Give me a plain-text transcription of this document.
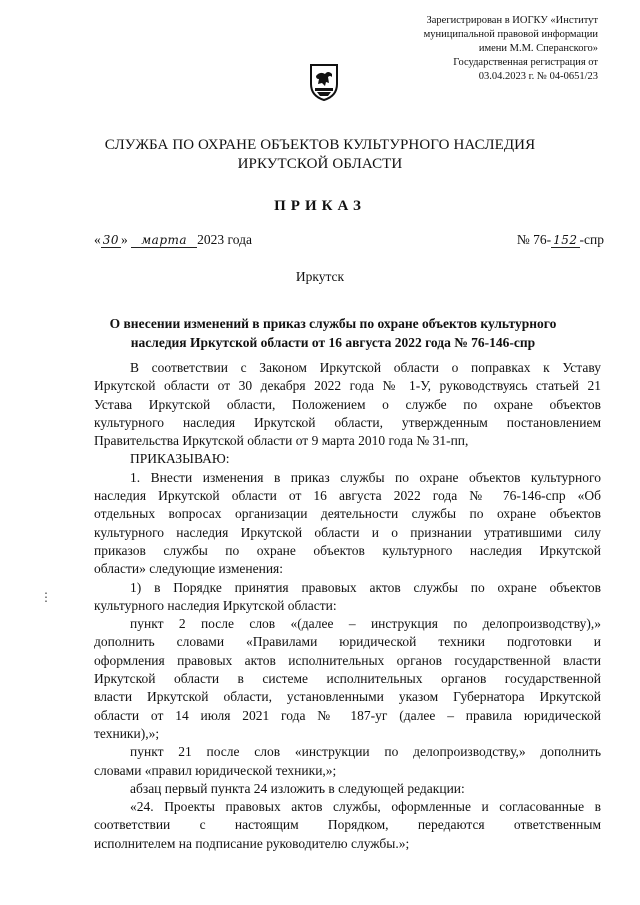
Зарегистрирован в ИОГКУ «Институт
муниципальной правовой информации
имени М.М. Сперанского»
Государственная регистрация от
03.04.2023 г. № 04-0651/23
СЛУЖБА ПО ОХРАНЕ ОБЪЕКТОВ КУЛЬТУРНОГО НАСЛЕДИЯ
ИРКУТСКОЙ ОБЛАСТИ
ПРИКАЗ
« 30 » марта 2023 года	№ 76- 152 -спр
Иркутск
О внесении изменений в приказ службы по охране объектов культурного
наследия Иркутской области от 16 августа 2022 года № 76-146-спр
В соответствии с Законом Иркутской области о поправках к Уставу
Иркутской области от 30 декабря 2022 года № 1-У, руководствуясь статьей 21
Устава Иркутской области, Положением о службе по охране объектов
культурного наследия Иркутской области, утвержденным постановлением
Правительства Иркутской области от 9 марта 2010 года № 31-пп,
ПРИКАЗЫВАЮ:
1. Внести изменения в приказ службы по охране объектов культурного
наследия Иркутской области от 16 августа 2022 года № 76-146-спр «Об
отдельных вопросах организации деятельности службы по охране объектов
культурного наследия Иркутской области и о признании утратившими силу
приказов службы по охране объектов культурного наследия Иркутской
области» следующие изменения:
1) в Порядке принятия правовых актов службы по охране объектов
культурного наследия Иркутской области:
пункт 2 после слов «(далее – инструкция по делопроизводству),»
дополнить словами «Правилами юридической техники подготовки и
оформления правовых актов исполнительных органов государственной власти
Иркутской области в системе исполнительных органов государственной
власти Иркутской области, установленными указом Губернатора Иркутской
области от 14 июля 2021 года № 187-уг (далее – правила юридической
техники),»;
пункт 21 после слов «инструкции по делопроизводству,» дополнить
словами «правил юридической техники,»;
абзац первый пункта 24 изложить в следующей редакции:
«24. Проекты правовых актов службы, оформленные и согласованные в
соответствии с настоящим Порядком, передаются ответственным
исполнителем на подписание руководителю службы.»;
⋮
